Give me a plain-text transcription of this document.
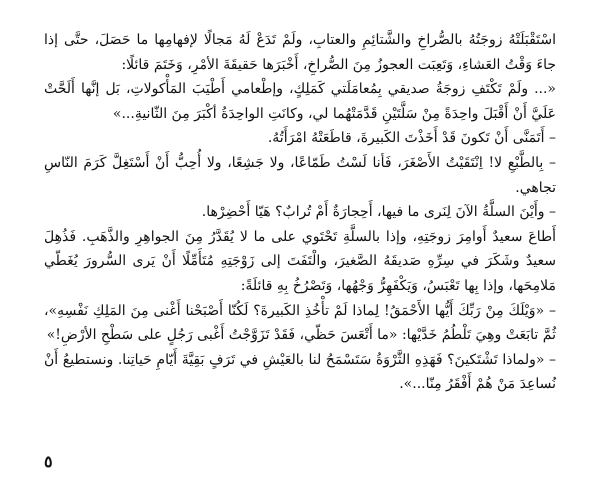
اسْتَقْبَلَتْهُ زوجَتُهُ بالصُّراخِ والشَّتائِمِ والعتابِ، ولَمْ تَدَعْ لَهُ مَجالًا لإفهامِها ما حَصَلَ، حتَّى إذا جاءَ وَقْتُ العَشاءِ، وَتَعِبَت العجوزُ مِنَ الصُّراخِ، أَخْبَرَها حَقيقَةَ الأمْرِ، وَخَتَمَ قائلًا:

«... ولَمْ تَكْتَفِ زوجَةُ صديقي بِمُعامَلَتي كَمَلِكٍ، وإطْعامي أَطْيَبَ المَأْكولاتِ، بَل إنَّها أَلَحَّتْ عَلَيَّ أَنْ أَقْبَلَ واحِدَةً مِنْ سَلَّتَيْنِ قَدَّمَتْهُما لي، وكانَتِ الواحِدَةُ أكْبَرَ مِنَ الثّانيةِ...»

– أَتَمَنَّى أَنْ تَكونَ قَدْ أَخَذْتَ الكَبيرةَ، قاطَعَتْهُ امْرَأَتُهُ.

– بِالطَّبْعِ لا! اِنْتَقَيْتُ الأَصْغَرَ، فَأنا لَسْتُ طَمّاعًا، ولا جَشِعًا، ولا أُحِبُّ أَنْ أَسْتَغِلَّ كَرَمَ النّاسِ تجاهي.

– وأَيْنَ السلَّةُ الآنَ لِنَرى ما فيها، أَحِجارَةٌ أَمْ تُرابٌ؟ هَيّا أَحْضِرْها.

أَطاعَ سعيدٌ أَوامِرَ زوجَتِهِ، وإذا بالسلَّةِ تَحْتَوي على ما لا يُقَدَّرُ مِنَ الجواهِرِ والذَّهَبِ. فَذُهِلَ سعيدٌ وشَكَرَ في سِرِّهِ صَديقَهُ الصَّغيرَ، والْتَفَتَ إلى زَوْجَتِهِ مُتَأَمِّلًا أَنْ يَرى السُّرورَ يُغَطّي مَلامِحَها، وإذا بِها تَعْبَسُ، وَيَكْفَهِرُّ وَجْهُها، وَتَصْرُخُ بِهِ قائلَةً:

– «وَيْلَكَ مِنْ رَبِّكَ أَيُّها الأَحْمَقُ! لِماذا لَمْ تأْخُذِ الكَبيرةَ؟ لَكُنّا أَصْبَحْنا أَغْنى مِنَ المَلِكِ نَفْسِهِ»، ثُمَّ تابَعَتْ وهِيَ تَلْطُمُ خَدَّيْها: «ما أَتْعَسَ حَظّي، فَقَدْ تَزَوَّجْتُ أَغْبى رَجُلٍ على سَطْحِ الأرْضِ!»

– «ولماذا تَشْتَكينَ؟ فَهَذِهِ الثَّرْوَةُ سَتَسْمَحُ لنا بالعَيْشِ في تَرَفٍ بَقِيَّةَ أَيّامِ حَياتِنا. ونستطيعُ أَنْ نُساعِدَ مَنْ هُمْ أَفْقَرُ مِنّا...».

٥
